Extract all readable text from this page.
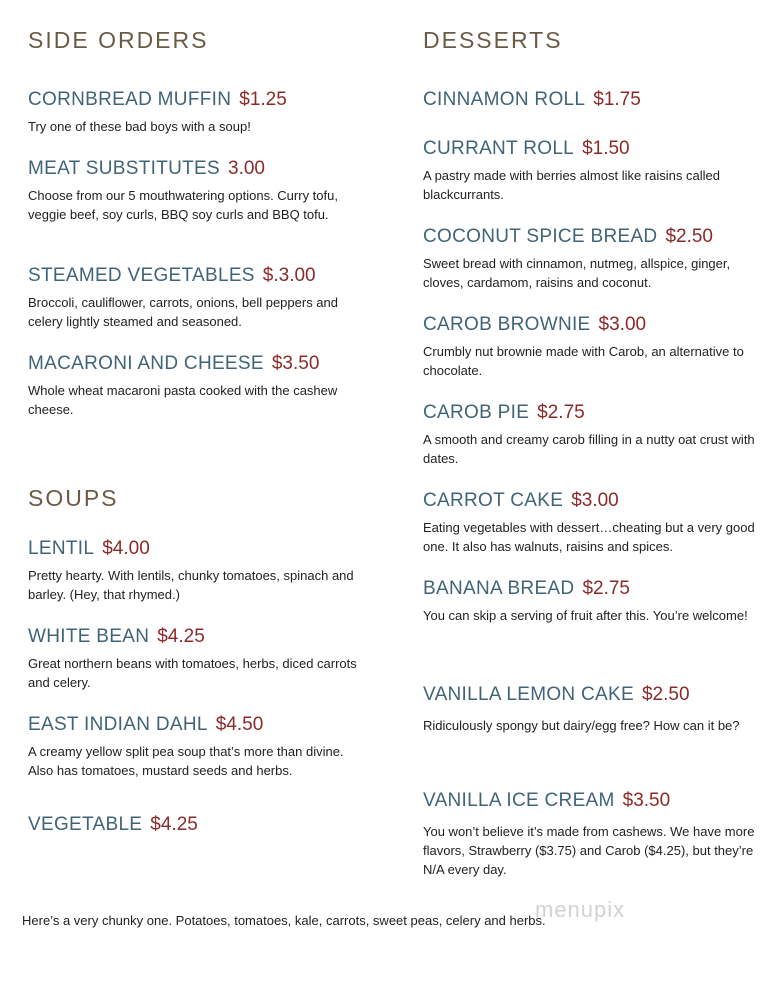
SIDE ORDERS
CORNBREAD MUFFIN $1.25
Try one of these bad boys with a soup!
MEAT SUBSTITUTES 3.00
Choose from our 5 mouthwatering options. Curry tofu, veggie beef, soy curls, BBQ soy curls and BBQ tofu.
STEAMED VEGETABLES $.3.00
Broccoli, cauliflower, carrots, onions, bell peppers and celery lightly steamed and seasoned.
MACARONI AND CHEESE $3.50
Whole wheat macaroni pasta cooked with the cashew cheese.
SOUPS
LENTIL $4.00
Pretty hearty. With lentils, chunky tomatoes, spinach and barley. (Hey, that rhymed.)
WHITE BEAN $4.25
Great northern beans with tomatoes, herbs, diced carrots and celery.
EAST INDIAN DAHL $4.50
A creamy yellow split pea soup that’s more than divine. Also has tomatoes, mustard seeds and herbs.
VEGETABLE $4.25
Here’s a very chunky one. Potatoes, tomatoes, kale, carrots, sweet peas, celery and herbs.
DESSERTS
CINNAMON ROLL $1.75
CURRANT ROLL $1.50
A pastry made with berries almost like raisins called blackcurrants.
COCONUT SPICE BREAD $2.50
Sweet bread with cinnamon, nutmeg, allspice, ginger, cloves, cardamom, raisins and coconut.
CAROB BROWNIE $3.00
Crumbly nut brownie made with Carob, an alternative to chocolate.
CAROB PIE $2.75
A smooth and creamy carob filling in a nutty oat crust with dates.
CARROT CAKE $3.00
Eating vegetables with dessert…cheating but a very good one. It also has walnuts, raisins and spices.
BANANA BREAD $2.75
You can skip a serving of fruit after this. You’re welcome!
VANILLA LEMON CAKE $2.50
Ridiculously spongy but dairy/egg free? How can it be?
VANILLA ICE CREAM $3.50
You won’t believe it’s made from cashews. We have more flavors, Strawberry ($3.75) and Carob ($4.25), but they’re N/A every day.
menupix
